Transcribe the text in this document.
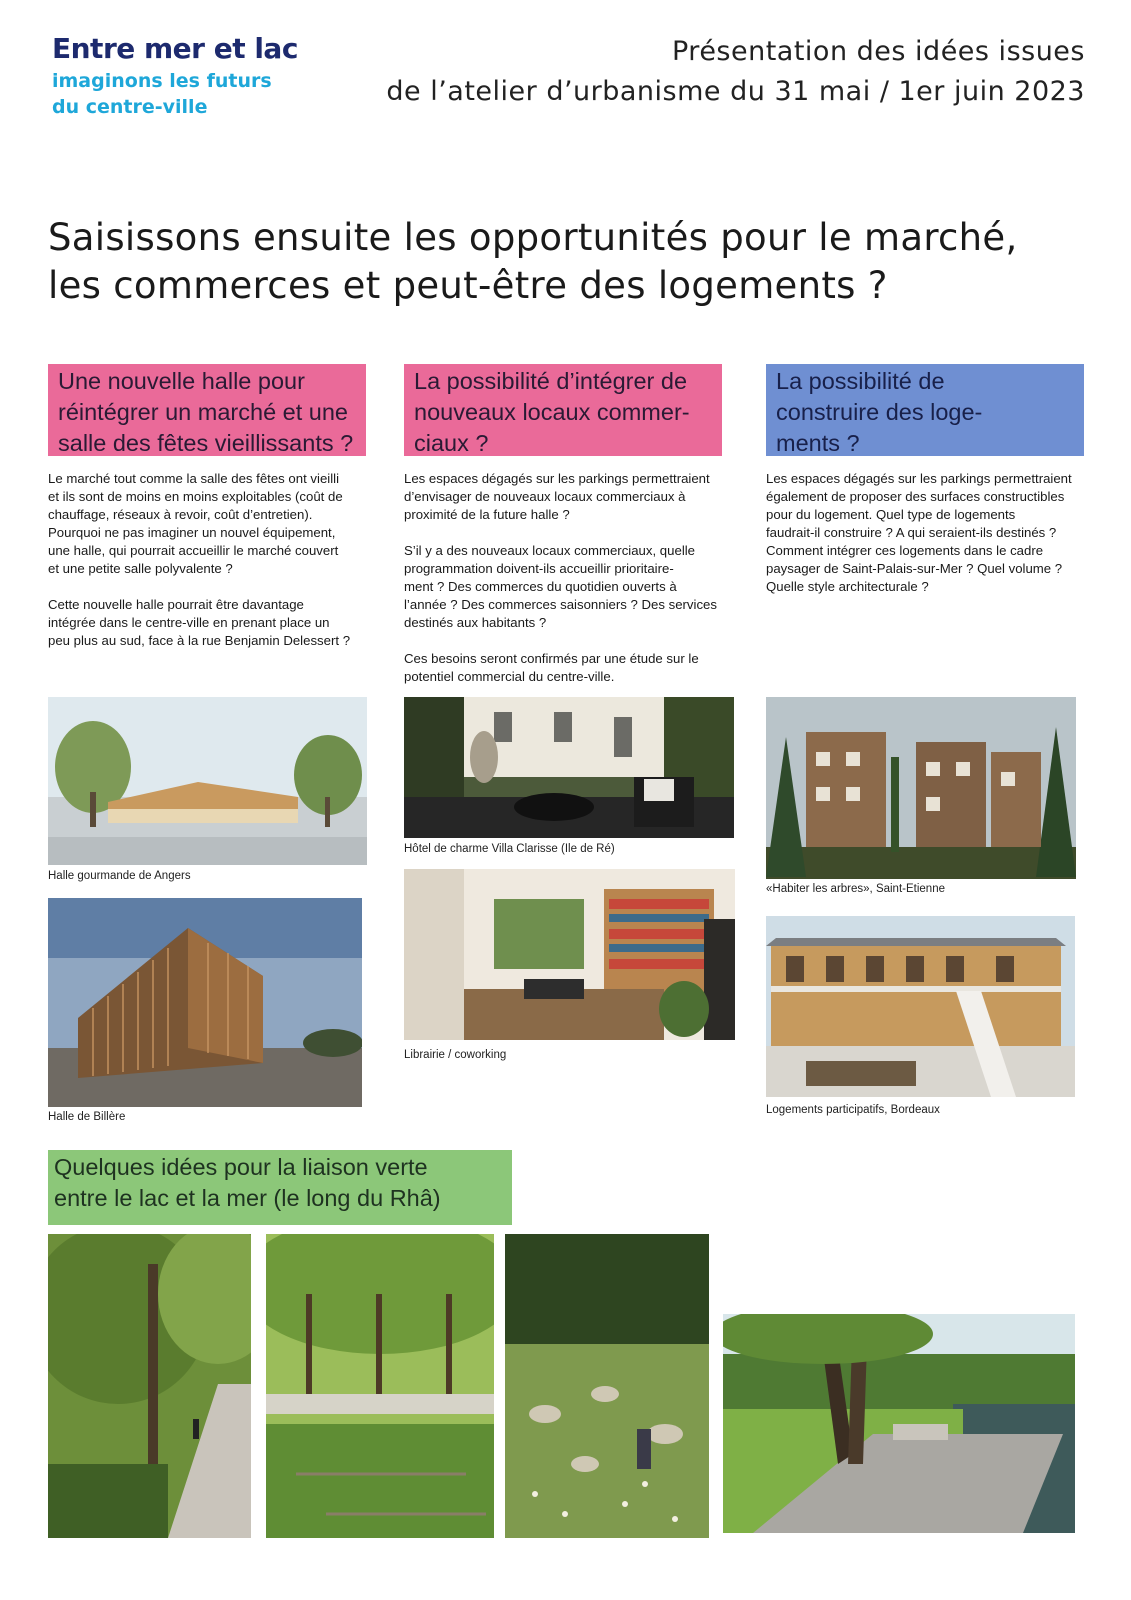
Entre mer et lac
imaginons les futurs
du centre-ville
Présentation des idées issues
de l’atelier d’urbanisme du 31 mai / 1er juin 2023
Saisissons ensuite les opportunités pour le marché,
les commerces et peut-être des logements ?
Une nouvelle halle pour
réintégrer un marché et une
salle des fêtes vieillissants ?
Le marché tout comme la salle des fêtes ont vieilli
et ils sont de moins en moins exploitables (coût de
chauffage, réseaux à revoir, coût d’entretien).
Pourquoi ne pas imaginer un nouvel équipement,
une halle, qui pourrait accueillir le marché couvert
et une petite salle polyvalente ?
Cette nouvelle halle pourrait être davantage
intégrée dans le centre-ville en prenant place un
peu plus au sud, face à la rue Benjamin Delessert ?
Halle gourmande de Angers
Halle de Billère
La possibilité d’intégrer de
nouveaux locaux commer-
ciaux ?
Les espaces dégagés sur les parkings permettraient
d’envisager de nouveaux locaux commerciaux à
proximité de la future halle ?
S’il y a des nouveaux locaux commerciaux, quelle
programmation doivent-ils accueillir prioritaire-
ment ? Des commerces du quotidien ouverts à
l’année ? Des commerces saisonniers ? Des services
destinés aux habitants ?
Ces besoins seront confirmés par une étude sur le
potentiel commercial du centre-ville.
Hôtel de charme Villa Clarisse (Ile de Ré)
Librairie / coworking
La possibilité de
construire des loge-
ments ?
Les espaces dégagés sur les parkings permettraient
également de proposer des surfaces constructibles
pour du logement. Quel type de logements
faudrait-il construire ? A qui seraient-ils destinés ?
Comment intégrer ces logements dans le cadre
paysager de Saint-Palais-sur-Mer ? Quel volume ?
Quelle style architecturale ?
«Habiter les arbres», Saint-Etienne
Logements participatifs, Bordeaux
Quelques idées pour la liaison verte
entre le lac et la mer (le long du Rhâ)
